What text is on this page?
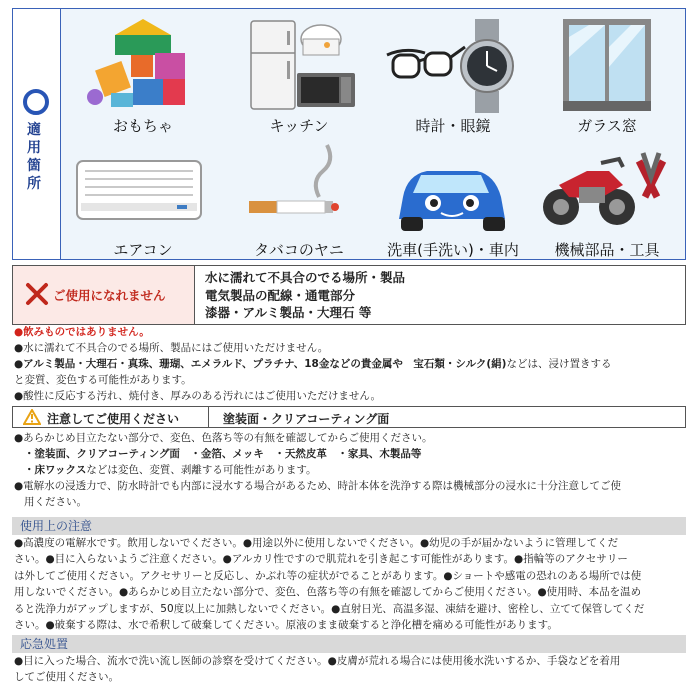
適用箇所
おもちゃ	キッチン	時計・眼鏡	ガラス窓
エアコン	タバコのヤニ	洗車(手洗い)・車内	機械部品・工具
ご使用になれません
水に濡れて不具合のでる場所・製品
電気製品の配線・通電部分
漆器・アルミ製品・大理石 等
●飲みものではありません。
●水に濡れて不具合のでる場所、製品にはご使用いただけません。
●アルミ製品・大理石・真珠、珊瑚、エメラルド、プラチナ、18金などの貴金属や　宝石類・シルク(絹)などは、浸け置きする
と変質、変色する可能性があります。
●酸性に反応する汚れ、焼付き、厚みのある汚れにはご使用いただけません。
注意してご使用ください	塗装面・クリアコーティング面
●あらかじめ目立たない部分で、変色、色落ち等の有無を確認してからご使用ください。
・塗装面、クリアコーティング面　・金箔、メッキ　・天然皮革　・家具、木製品等
・床ワックスなどは変色、変質、剥離する可能性があります。
●電解水の浸透力で、防水時計でも内部に浸水する場合があるため、時計本体を洗浄する際は機械部分の浸水に十分注意してご使
用ください。
使用上の注意
●高濃度の電解水です。飲用しないでください。●用途以外に使用しないでください。●幼児の手が届かないように管理してくだ
さい。●目に入らないようご注意ください。●アルカリ性ですので肌荒れを引き起こす可能性があります。●指輪等のアクセサリー
は外してご使用ください。アクセサリーと反応し、かぶれ等の症状がでることがあります。●ショートや感電の恐れのある場所では使
用しないでください。●あらかじめ目立たない部分で、変色、色落ち等の有無を確認してからご使用ください。●使用時、本品を温め
ると洗浄力がアップしますが、50度以上に加熱しないでください。●直射日光、高温多湿、凍結を避け、密栓し、立てて保管してくだ
さい。●破棄する際は、水で希釈して破棄してください。原液のまま破棄すると浄化槽を痛める可能性があります。
応急処置
●目に入った場合、流水で洗い流し医師の診察を受けてください。●皮膚が荒れる場合には使用後水洗いするか、手袋などを着用
してご使用ください。
